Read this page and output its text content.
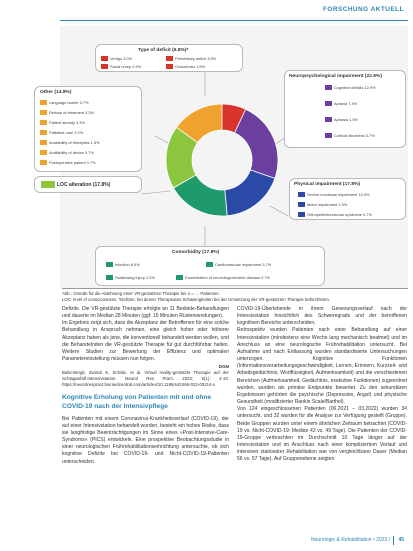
FORSCHUNG AKTUELL
Type of deficit (6.8%)*
Vertigo 3.0%	Periorbitary deficit 3.5%
Facial creep 2.2%	Oculomotor 1.5%
Other (14.8%)
Language barrier 3.7%
Refusal of treatment 3.3%
Patient already 3.3%
Palliative care 2.2%
Availability of therapists 1.5%
Availability of device 0.7%
Postoperative patient 0.7%
Neuropsychological impairment (22.9%)
Cognitive deficits 12.9%
Apraxia 7.4%
Aphasia 1.5%
Cortical blindness 0.7%
Physical impairment (17.8%)
Severe functional impairment 10.3%
Motor impairment 1.5%
Orthopedic/functional syndrome 0.7%
LOC alteration (17.8%)
Comorbidity (17.8%)
Infection 8.9%	Cardiovascular impairment 3.7%
Swallowing injury 2.2%	Exacerbation of neurodegenerative disease 0.7%
Abb.: Gründe für die Ablehnung einer VR-gestützten Therapie bei n = … Patienten.
LOC: level of consciousness. *Defizite, bei denen Therapeuten Schwierigkeiten bei der Umsetzung der VR-gestützten Therapie befürchteten.

Defizite. Die VR-gestützte Therapie erfolgte an 11 Bedside-Behandlungen und dauerte im Median 28 Minuten (ggf. 15 Minuten Rüsterwendungen).

Im Ergebnis zeigt sich, dass die Akzeptanz der Betroffenen für eine solche Behandlung in Anspruch nehmen, eine gleich hoher oder höherer Akzeptanz haben als jene, die konventionell behandelt werden wollen, und die Behandelnden die VR-gestützte Therapie für gut durchführbar halten. Weitere Studien zur Bewertung der Effizienz und optimalen Parametereinstellung müssen nun folgen.

DGN

Bulle-Bergk, Zwinck K, Schüle, et al. Virtual reality-gestützte Therapie auf der Schlaganfall-Intensivstation. Neurol Res Pract. 2022; 5(1): 4-10. https://neurolrespract.biomedcentral.com/articles/10.1186/s42466-022-00214-x

Kognitive Erholung von Patienten mit und ohne COVID-19 nach der Intensivpflege

Bei Patienten mit einem Coronavirus-Krankheitsverlauf (COVID-19), der auf einer Intensivstation behandelt wurden, besteht ein hohes Risiko, dass sie langfristige Beeinträchtigungen im Sinne eines »Post-Intensive-Care-Syndroms« (PICS) entwickeln. Eine prospektive Beobachtungsstudie in einer neurologischen Frührehabilitationseinrichtung untersuchte, ob sich kognitive Defizite bei COVID-19- und Nicht-COVID-19-Patienten unterscheiden.

COVID-19-Überlebende in ihrem Genesungsverlauf nach der Intensivstation hinsichtlich des Schweregrads und der betroffenen kognitiven Bereiche unterscheiden.

Retrospektiv wurden Patienten nach einer Behandlung auf einer Intensivstation (mindestens eine Woche lang mechanisch beatmet) und im Anschluss an eine neurologische Frührehabilitation untersucht. Bei Aufnahme und nach Entlassung wurden standardisierte Untersuchungen unterzogen. Kognitive Funktionen (Informationsverarbeitungsgeschwindigkeit, Lernen, Erinnern, Kurzzeit- und Arbeitsgedächtnis, Wortflüssigkeit, Aufmerksamkeit) und die verschiedenen Bereichen (Aufmerksamkeit, Gedächtnis, exekutive Funktionen) zugeordnet wurden, wurden als primäre Endpunkte bewertet. Zu den sekundären Ergebnissen gehörten die psychische (Depression, Angst) und physische Gesundheit (modifizierter Rankin Scale/Barthel).

Von 124 eingeschlossenen Patienten (06.2021 – 03.2022) wurden 34 untersucht, und 32 wurden für die Analyse zur Verfügung gestellt (Gruppe). Beide Gruppen wurden unter einem ähnlichen Zeitraum betrachtet (COVID-19 vs. Nicht-COVID-19: Median 42 vs. 49 Tage). Die Patienten der COVID-19-Gruppe verbrachten im Durchschnitt 10 Tage länger auf der Intensivstation und im Anschluss nach einer kompliziertem Verlauf und intensiver stationärer Rehabilitation war von vergleichbarer Dauer (Median 56 vs. 57 Tage). Auf Gruppenebene zeigten

Neurologie & Rehabilitation • 2023 / 45
